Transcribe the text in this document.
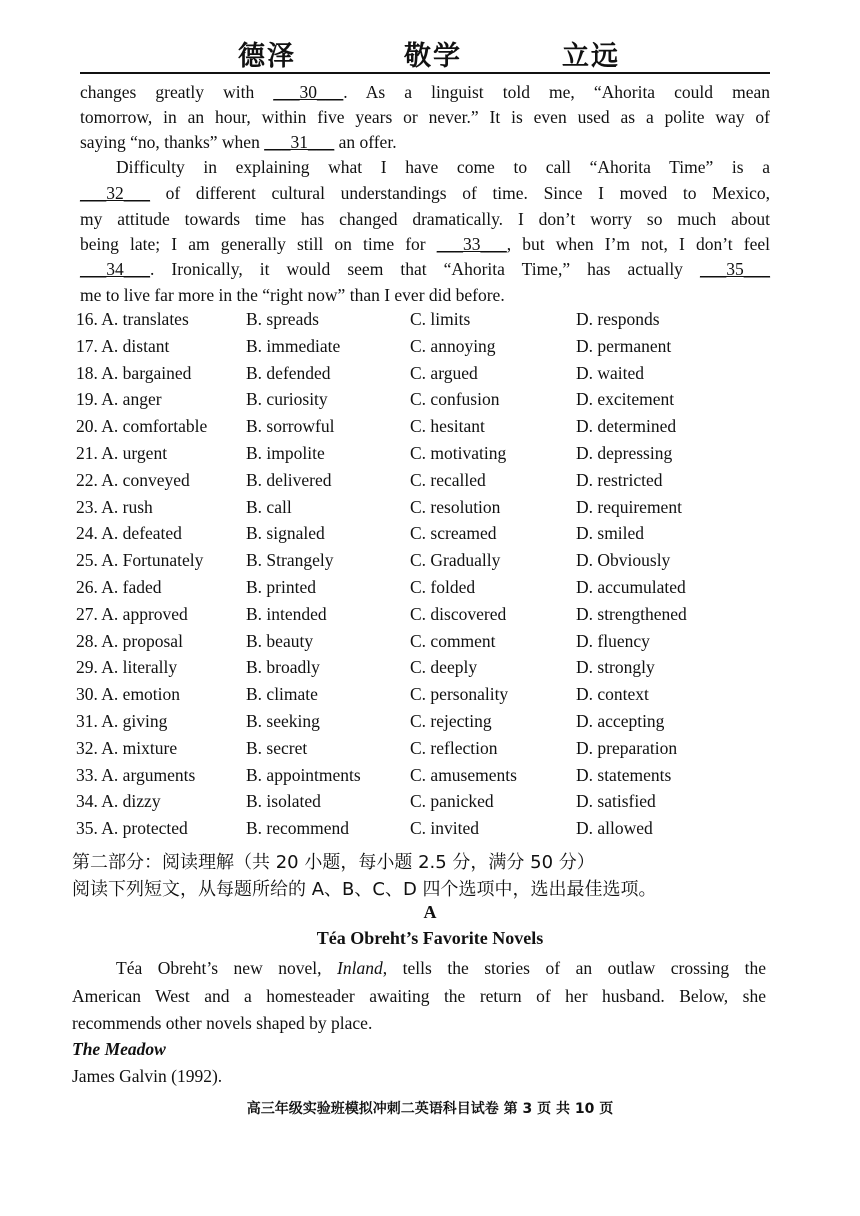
德泽	敬学	立远
changes greatly with ___30___. As a linguist told me, “Ahorita could mean
tomorrow, in an hour, within five years or never.” It is even used as a polite way of
saying “no, thanks” when ___31___ an offer.
Difficulty in explaining what I have come to call “Ahorita Time” is a
___32___ of different cultural understandings of time. Since I moved to Mexico,
my attitude towards time has changed dramatically. I don’t worry so much about
being late; I am generally still on time for ___33___, but when I’m not, I don’t feel
___34___. Ironically, it would seem that “Ahorita Time,” has actually ___35___
me to live far more in the “right now” than I ever did before.
16. A. translates	B. spreads	C. limits	D. responds
17. A. distant	B. immediate	C. annoying	D. permanent
18. A. bargained	B. defended	C. argued	D. waited
19. A. anger	B. curiosity	C. confusion	D. excitement
20. A. comfortable B. sorrowful	C. hesitant	D. determined
21. A. urgent	B. impolite	C. motivating	D. depressing
22. A. conveyed	B. delivered	C. recalled	D. restricted
23. A. rush	B. call	C. resolution	D. requirement
24. A. defeated	B. signaled	C. screamed	D. smiled
25. A. Fortunately B. Strangely	C. Gradually	D. Obviously
26. A. faded	B. printed	C. folded	D. accumulated
27. A. approved	B. intended	C. discovered	D. strengthened
28. A. proposal	B. beauty	C. comment	D. fluency
29. A. literally	B. broadly	C. deeply	D. strongly
30. A. emotion	B. climate	C. personality	D. context
31. A. giving	B. seeking	C. rejecting	D. accepting
32. A. mixture	B. secret	C. reflection	D. preparation
33. A. arguments	B. appointments	C. amusements	D. statements
34. A. dizzy	B. isolated	C. panicked	D. satisfied
35. A. protected	B. recommend	C. invited	D. allowed
第二部分：阅读理解（共 20 小题，每小题 2.5 分，满分 50 分）
阅读下列短文，从每题所给的 A、B、C、D 四个选项中，选出最佳选项。
A
Téa Obreht’s Favorite Novels
Téa Obreht’s new novel, Inland, tells the stories of an outlaw crossing the
American West and a homesteader awaiting the return of her husband. Below, she
recommends other novels shaped by place.
The Meadow
James Galvin (1992).
高三年级实验班模拟冲刺二英语科目试卷 第 3 页 共 10 页
